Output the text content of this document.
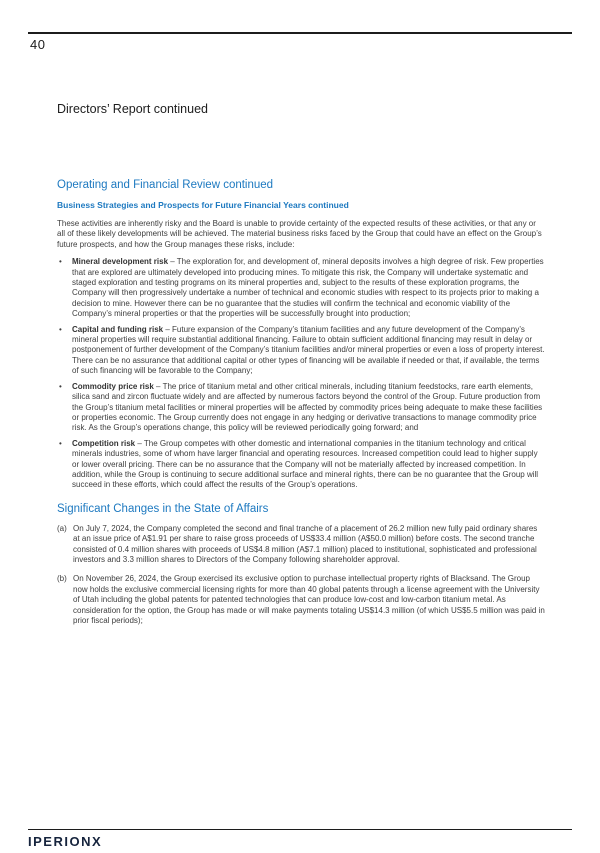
40
Directors’ Report continued
Operating and Financial Review continued
Business Strategies and Prospects for Future Financial Years continued

These activities are inherently risky and the Board is unable to provide certainty of the expected results of these activities, or that any or all of these likely developments will be achieved. The material business risks faced by the Group that could have an effect on the Group’s future prospects, and how the Group manages these risks, include:

• Mineral development risk – The exploration for, and development of, mineral deposits involves a high degree of risk. Few properties that are explored are ultimately developed into producing mines. To mitigate this risk, the Company will undertake systematic and staged exploration and testing programs on its mineral properties and, subject to the results of these exploration programs, the Company will then progressively undertake a number of technical and economic studies with respect to its projects prior to making a decision to mine. However there can be no guarantee that the studies will confirm the technical and economic viability of the Company’s mineral properties or that the properties will be successfully brought into production;
• Capital and funding risk – Future expansion of the Company’s titanium facilities and any future development of the Company’s mineral properties will require substantial additional financing. Failure to obtain sufficient additional financing may result in delay or postponement of further development of the Company’s titanium facilities and/or mineral properties or even a loss of property interest. There can be no assurance that additional capital or other types of financing will be available if needed or that, if available, the terms of such financing will be favorable to the Company;
• Commodity price risk – The price of titanium metal and other critical minerals, including titanium feedstocks, rare earth elements, silica sand and zircon fluctuate widely and are affected by numerous factors beyond the control of the Group. Future production from the Group’s titanium metal facilities or mineral properties will be affected by commodity prices being adequate to make these facilities or properties economic. The Group currently does not engage in any hedging or derivative transactions to manage commodity price risk. As the Group’s operations change, this policy will be reviewed periodically going forward; and
• Competition risk – The Group competes with other domestic and international companies in the titanium technology and critical minerals industries, some of whom have larger financial and operating resources. Increased competition could lead to higher supply or lower overall pricing. There can be no assurance that the Company will not be materially affected by increased competition. In addition, while the Group is continuing to secure additional surface and mineral rights, there can be no guarantee that the Group will succeed in these efforts, which could affect the results of the Group’s operations.
Significant Changes in the State of Affairs
(a) On July 7, 2024, the Company completed the second and final tranche of a placement of 26.2 million new fully paid ordinary shares at an issue price of A$1.91 per share to raise gross proceeds of US$33.4 million (A$50.0 million) before costs. The second tranche consisted of 0.4 million shares with proceeds of US$4.8 million (A$7.1 million) placed to institutional, sophisticated and professional investors and 3.3 million shares to Directors of the Company following shareholder approval.
(b) On November 26, 2024, the Group exercised its exclusive option to purchase intellectual property rights of Blacksand. The Group now holds the exclusive commercial licensing rights for more than 40 global patents through a license agreement with the University of Utah including the global patents for patented technologies that can produce low-cost and low-carbon titanium metal. As consideration for the option, the Group has made or will make payments totaling US$14.3 million (of which US$5.5 million was paid in prior fiscal periods);
IPERIONX
